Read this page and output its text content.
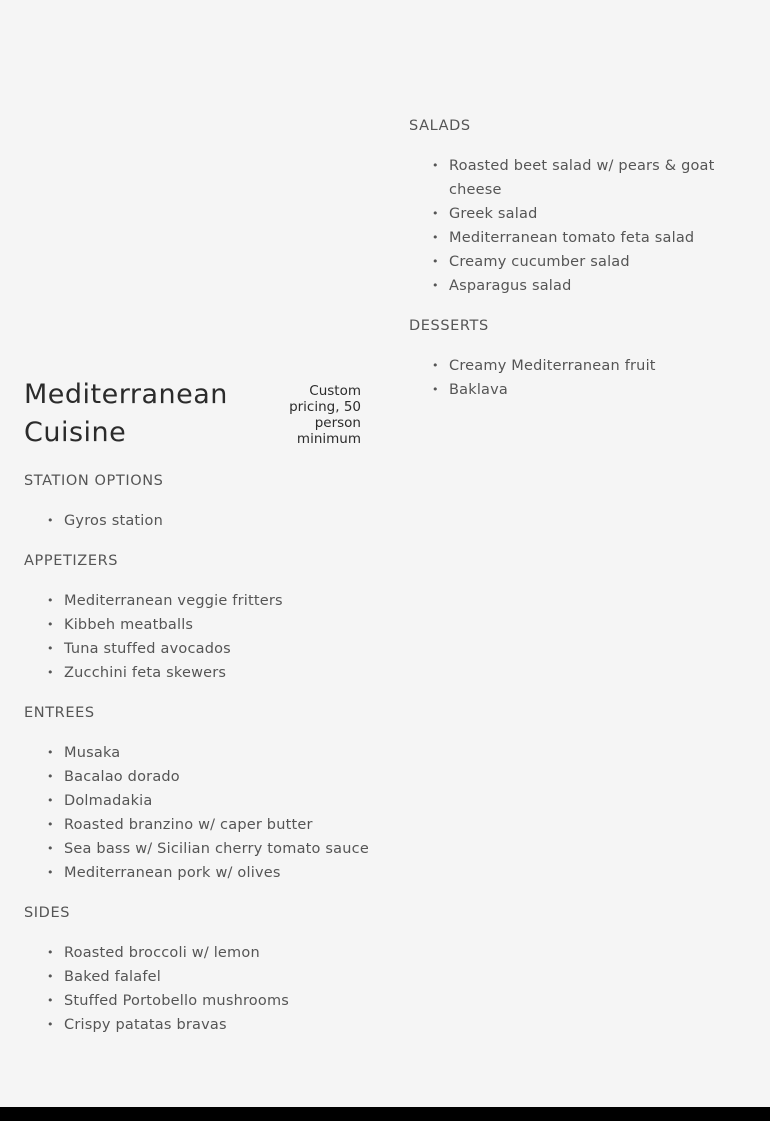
Mediterranean Cuisine

Custom pricing, 50 person minimum

STATION OPTIONS
• Gyros station
APPETIZERS
• Mediterranean veggie fritters
• Kibbeh meatballs
• Tuna stuffed avocados
• Zucchini feta skewers
ENTREES
• Musaka
• Bacalao dorado
• Dolmadakia
• Roasted branzino w/ caper butter
• Sea bass w/ Sicilian cherry tomato sauce
• Mediterranean pork w/ olives
SIDES
• Roasted broccoli w/ lemon
• Baked falafel
• Stuffed Portobello mushrooms
• Crispy patatas bravas
SALADS
• Roasted beet salad w/ pears & goat cheese
• Greek salad
• Mediterranean tomato feta salad
• Creamy cucumber salad
• Asparagus salad
DESSERTS
• Creamy Mediterranean fruit
• Baklava
